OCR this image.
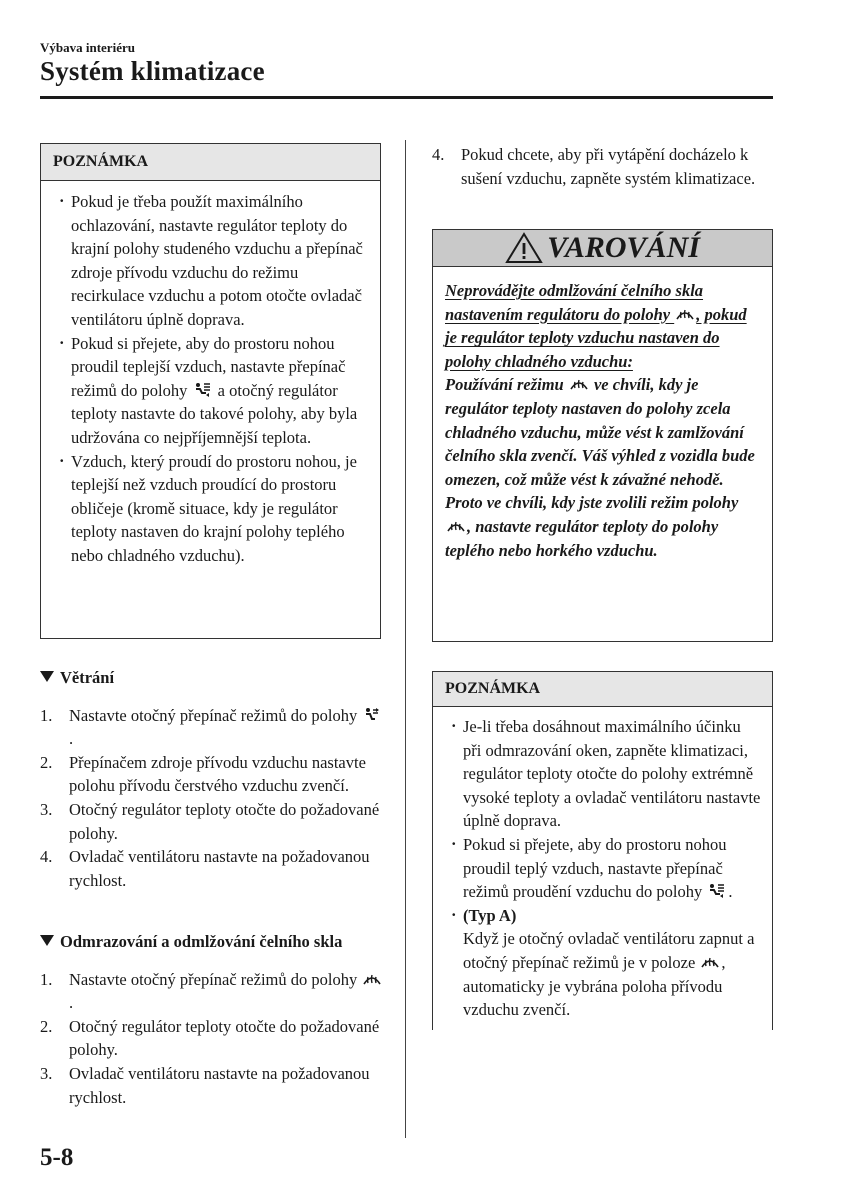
Výbava interiéru
Systém klimatizace
POZNÁMKA
· Pokud je třeba použít maximálního ochlazování, nastavte regulátor teploty do krajní polohy studeného vzduchu a přepínač zdroje přívodu vzduchu do režimu recirkulace vzduchu a potom otočte ovladač ventilátoru úplně doprava.
· Pokud si přejete, aby do prostoru nohou proudil teplejší vzduch, nastavte přepínač režimů do polohy  a otočný regulátor teploty nastavte do takové polohy, aby byla udržována co nejpříjemnější teplota.
· Vzduch, který proudí do prostoru nohou, je teplejší než vzduch proudící do prostoru obličeje (kromě situace, kdy je regulátor teploty nastaven do krajní polohy teplého nebo chladného vzduchu).
Větrání
1. Nastavte otočný přepínač režimů do polohy .
2. Přepínačem zdroje přívodu vzduchu nastavte polohu přívodu čerstvého vzduchu zvenčí.
3. Otočný regulátor teploty otočte do požadované polohy.
4. Ovladač ventilátoru nastavte na požadovanou rychlost.
Odmrazování a odmlžování čelního skla
1. Nastavte otočný přepínač režimů do polohy .
2. Otočný regulátor teploty otočte do požadované polohy.
3. Ovladač ventilátoru nastavte na požadovanou rychlost.
4. Pokud chcete, aby při vytápění docházelo k sušení vzduchu, zapněte systém klimatizace.
VAROVÁNÍ
Neprovádějte odmlžování čelního skla nastavením regulátoru do polohy , pokud je regulátor teploty vzduchu nastaven do polohy chladného vzduchu:
Používání režimu  ve chvíli, kdy je regulátor teploty nastaven do polohy zcela chladného vzduchu, může vést k zamlžování čelního skla zvenčí. Váš výhled z vozidla bude omezen, což může vést k závažné nehodě. Proto ve chvíli, kdy jste zvolili režim polohy , nastavte regulátor teploty do polohy teplého nebo horkého vzduchu.
POZNÁMKA
· Je-li třeba dosáhnout maximálního účinku při odmrazování oken, zapněte klimatizaci, regulátor teploty otočte do polohy extrémně vysoké teploty a ovladač ventilátoru nastavte úplně doprava.
· Pokud si přejete, aby do prostoru nohou proudil teplý vzduch, nastavte přepínač režimů proudění vzduchu do polohy .
· (Typ A)
Když je otočný ovladač ventilátoru zapnut a otočný přepínač režimů je v poloze , automaticky je vybrána poloha přívodu vzduchu zvenčí.
5-8
